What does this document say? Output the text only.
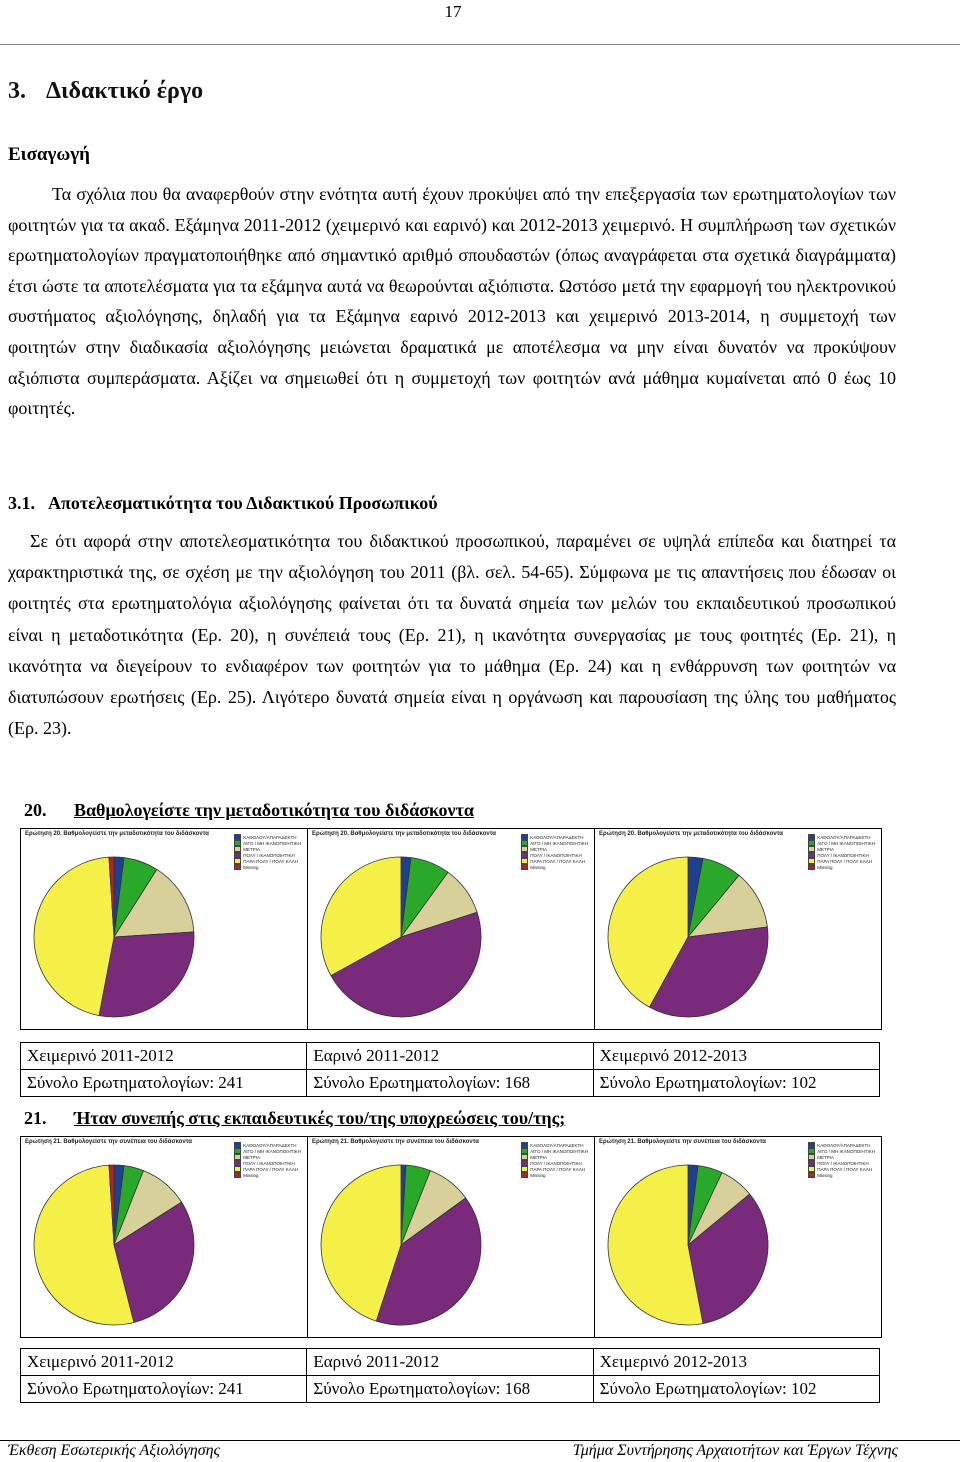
17
3. Διδακτικό έργο
Εισαγωγή
Τα σχόλια που θα αναφερθούν στην ενότητα αυτή έχουν προκύψει από την επεξεργασία των ερωτηματολογίων των φοιτητών για τα ακαδ. Εξάμηνα 2011-2012 (χειμερινό και εαρινό) και 2012-2013 χειμερινό. Η συμπλήρωση των σχετικών ερωτηματολογίων πραγματοποιήθηκε από σημαντικό αριθμό σπουδαστών (όπως αναγράφεται στα σχετικά διαγράμματα) έτσι ώστε τα αποτελέσματα για τα εξάμηνα αυτά να θεωρούνται αξιόπιστα. Ωστόσο μετά την εφαρμογή του ηλεκτρονικού συστήματος αξιολόγησης, δηλαδή για τα Εξάμηνα εαρινό 2012-2013 και χειμερινό 2013-2014, η συμμετοχή των φοιτητών στην διαδικασία αξιολόγησης μειώνεται δραματικά με αποτέλεσμα να μην είναι δυνατόν να προκύψουν αξιόπιστα συμπεράσματα. Αξίζει να σημειωθεί ότι η συμμετοχή των φοιτητών ανά μάθημα κυμαίνεται από 0 έως 10 φοιτητές.
3.1. Αποτελεσματικότητα του Διδακτικού Προσωπικού
Σε ότι αφορά στην αποτελεσματικότητα του διδακτικού προσωπικού, παραμένει σε υψηλά επίπεδα και διατηρεί τα χαρακτηριστικά της, σε σχέση με την αξιολόγηση του 2011 (βλ. σελ. 54-65). Σύμφωνα με τις απαντήσεις που έδωσαν οι φοιτητές στα ερωτηματολόγια αξιολόγησης φαίνεται ότι τα δυνατά σημεία των μελών του εκπαιδευτικού προσωπικού είναι η μεταδοτικότητα (Ερ. 20), η συνέπειά τους (Ερ. 21), η ικανότητα συνεργασίας με τους φοιτητές (Ερ. 21), η ικανότητα να διεγείρουν το ενδιαφέρον των φοιτητών για το μάθημα (Ερ. 24) και η ενθάρρυνση των φοιτητών να διατυπώσουν ερωτήσεις (Ερ. 25). Λιγότερο δυνατά σημεία είναι η οργάνωση και παρουσίαση της ύλης του μαθήματος (Ερ. 23).
20. Βαθμολογείστε την μεταδοτικότητα του διδάσκοντα
Ερώτηση 20. Βαθμολογείστε την μεταδοτικότητα του διδάσκοντα	ΚΑΘΟΛΟΥ/ΑΠΑΡΑΔΕΚΤΗ
ΛΙΓΟ / ΜΗ ΙΚΑΝΟΠΟΙΗΤΙΚΗ
ΜΕΤΡΙΑ
ΠΟΛΥ / ΙΚΑΝΟΠΟΙΗΤΙΚΗ
ΠΑΡΑ ΠΟΛΥ / ΠΟΛΥ ΚΑΛΗ
Missing
Ερώτηση 20. Βαθμολογείστε την μεταδοτικότητα του διδάσκοντα	ΚΑΘΟΛΟΥ/ΑΠΑΡΑΔΕΚΤΗ
ΛΙΓΟ / ΜΗ ΙΚΑΝΟΠΟΙΗΤΙΚΗ
ΜΕΤΡΙΑ
ΠΟΛΥ / ΙΚΑΝΟΠΟΙΗΤΙΚΗ
ΠΑΡΑ ΠΟΛΥ / ΠΟΛΥ ΚΑΛΗ
Missing
Ερώτηση 20. Βαθμολογείστε την μεταδοτικότητα του διδάσκοντα	ΚΑΘΟΛΟΥ/ΑΠΑΡΑΔΕΚΤΗ
ΛΙΓΟ / ΜΗ ΙΚΑΝΟΠΟΙΗΤΙΚΗ
ΜΕΤΡΙΑ
ΠΟΛΥ / ΙΚΑΝΟΠΟΙΗΤΙΚΗ
ΠΑΡΑ ΠΟΛΥ / ΠΟΛΥ ΚΑΛΗ
Missing
Χειμερινό 2011-2012	Εαρινό 2011-2012	Χειμερινό 2012-2013
Σύνολο Ερωτηματολογίων: 241	Σύνολο Ερωτηματολογίων: 168	Σύνολο Ερωτηματολογίων: 102
21. Ήταν συνεπής στις εκπαιδευτικές του/της υποχρεώσεις του/της;
Ερώτηση 21. Βαθμολογείστε την συνέπεια του διδάσκοντα	ΚΑΘΟΛΟΥ/ΑΠΑΡΑΔΕΚΤΗ
ΛΙΓΟ / ΜΗ ΙΚΑΝΟΠΟΙΗΤΙΚΗ
ΜΕΤΡΙΑ
ΠΟΛΥ / ΙΚΑΝΟΠΟΙΗΤΙΚΗ
ΠΑΡΑ ΠΟΛΥ / ΠΟΛΥ ΚΑΛΗ
Missing
Ερώτηση 21. Βαθμολογείστε την συνέπεια του διδάσκοντα	ΚΑΘΟΛΟΥ/ΑΠΑΡΑΔΕΚΤΗ
ΛΙΓΟ / ΜΗ ΙΚΑΝΟΠΟΙΗΤΙΚΗ
ΜΕΤΡΙΑ
ΠΟΛΥ / ΙΚΑΝΟΠΟΙΗΤΙΚΗ
ΠΑΡΑ ΠΟΛΥ / ΠΟΛΥ ΚΑΛΗ
Missing
Ερώτηση 21. Βαθμολογείστε την συνέπεια του διδάσκοντα	ΚΑΘΟΛΟΥ/ΑΠΑΡΑΔΕΚΤΗ
ΛΙΓΟ / ΜΗ ΙΚΑΝΟΠΟΙΗΤΙΚΗ
ΜΕΤΡΙΑ
ΠΟΛΥ / ΙΚΑΝΟΠΟΙΗΤΙΚΗ
ΠΑΡΑ ΠΟΛΥ / ΠΟΛΥ ΚΑΛΗ
Missing
Χειμερινό 2011-2012	Εαρινό 2011-2012	Χειμερινό 2012-2013
Σύνολο Ερωτηματολογίων: 241	Σύνολο Ερωτηματολογίων: 168	Σύνολο Ερωτηματολογίων: 102
Έκθεση Εσωτερικής Αξιολόγησης	Τμήμα Συντήρησης Αρχαιοτήτων και Έργων Τέχνης
